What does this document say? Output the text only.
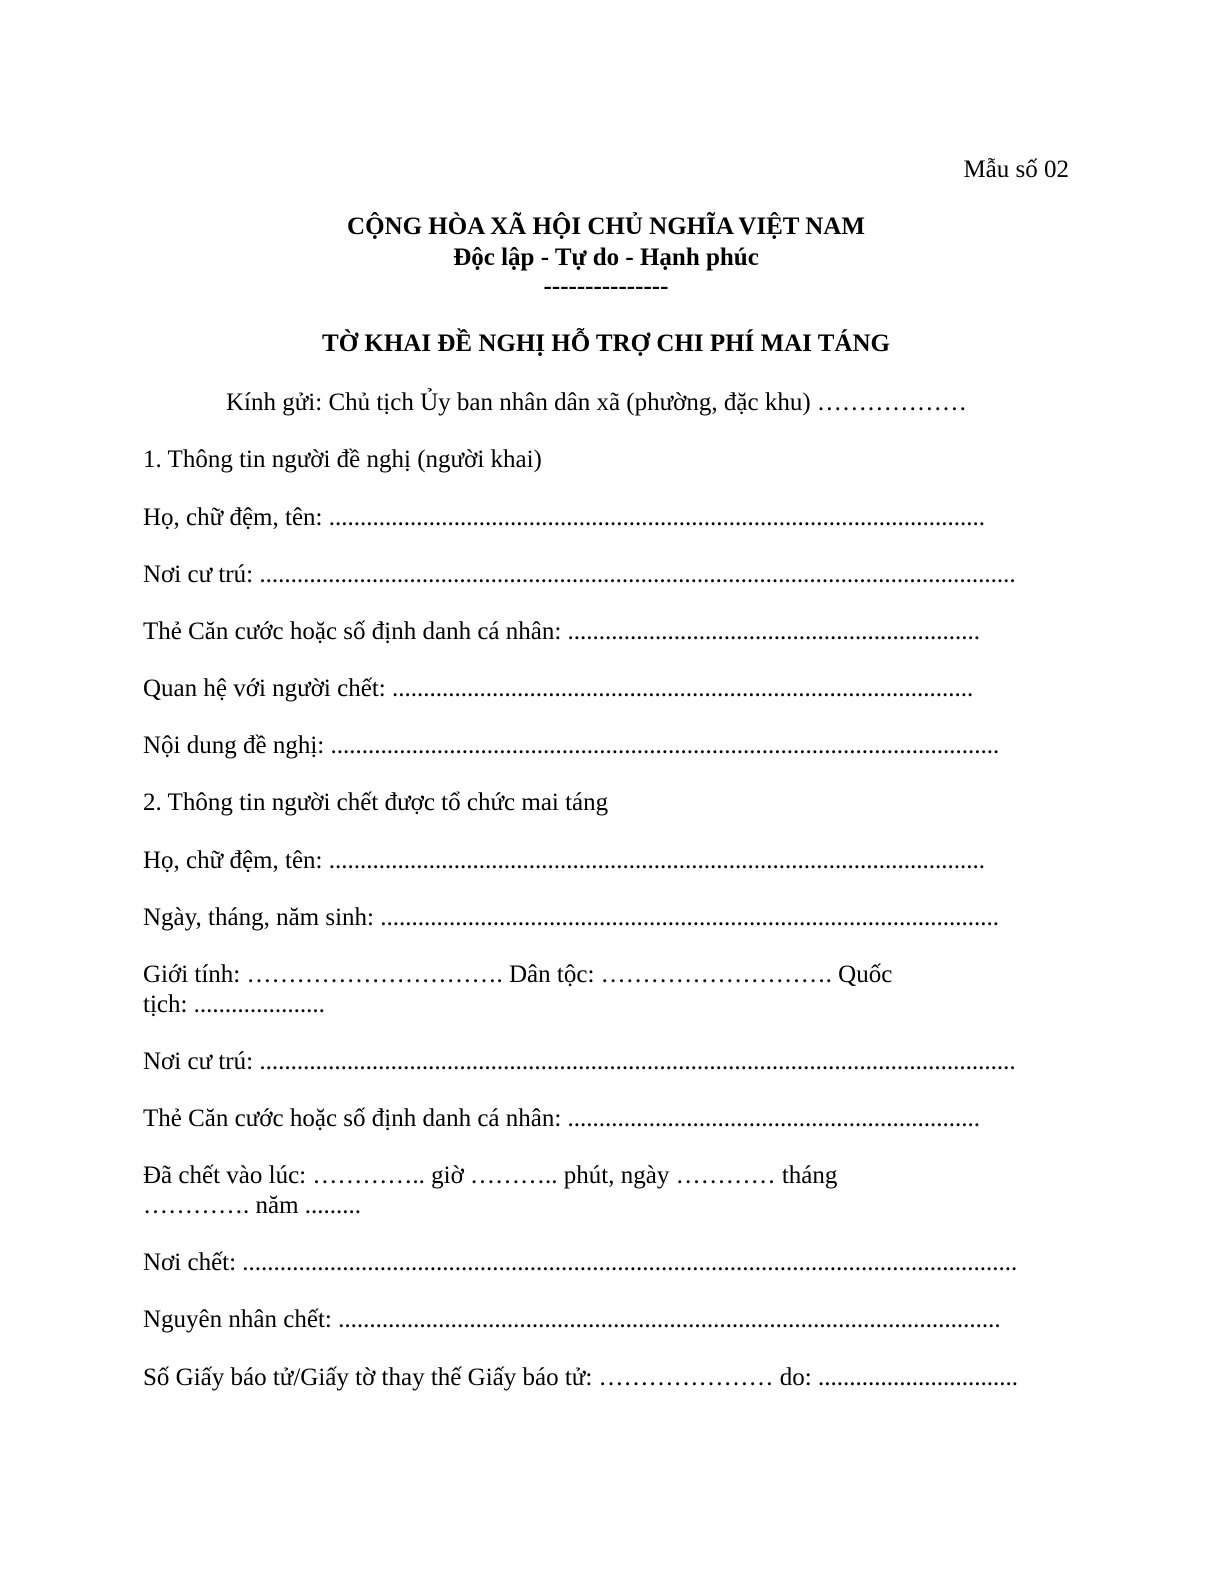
Mẫu số 02

CỘNG HÒA XÃ HỘI CHỦ NGHĨA VIỆT NAM

Độc lập - Tự do - Hạnh phúc

---------------

TỜ KHAI ĐỀ NGHỊ HỖ TRỢ CHI PHÍ MAI TÁNG

Kính gửi: Chủ tịch Ủy ban nhân dân xã (phường, đặc khu) ………………

1. Thông tin người đề nghị (người khai)

Họ, chữ đệm, tên: .........................................................................................................

Nơi cư trú: .........................................................................................................................

Thẻ Căn cước hoặc số định danh cá nhân: ..................................................................

Quan hệ với người chết: .............................................................................................

Nội dung đề nghị: ...........................................................................................................

2. Thông tin người chết được tổ chức mai táng

Họ, chữ đệm, tên: .........................................................................................................

Ngày, tháng, năm sinh: ...................................................................................................

Giới tính: …………………………. Dân tộc: ………………………. Quốc tịch: .....................

Nơi cư trú: .........................................................................................................................

Thẻ Căn cước hoặc số định danh cá nhân: ..................................................................

Đã chết vào lúc: ………….. giờ ……….. phút, ngày ………… tháng …………. năm .........

Nơi chết: ............................................................................................................................

Nguyên nhân chết: ..........................................................................................................

Số Giấy báo tử/Giấy tờ thay thế Giấy báo tử: ………………… do: ................................
